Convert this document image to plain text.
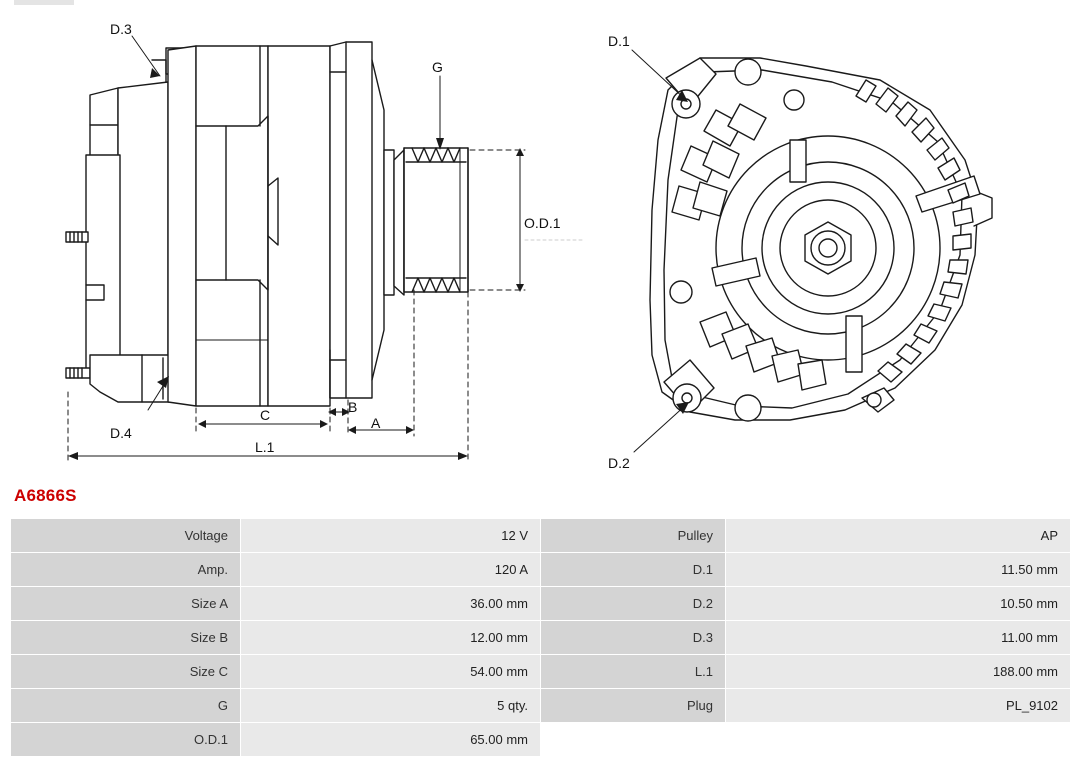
D.3
D.4
G
O.D.1
A
B
C
L.1
D.1
D.2
A6866S
Voltage	12 V	Pulley	AP
Amp.	120 A	D.1	11.50 mm
Size A	36.00 mm	D.2	10.50 mm
Size B	12.00 mm	D.3	11.00 mm
Size C	54.00 mm	L.1	188.00 mm
G	5 qty.	Plug	PL_9102
O.D.1	65.00 mm		
